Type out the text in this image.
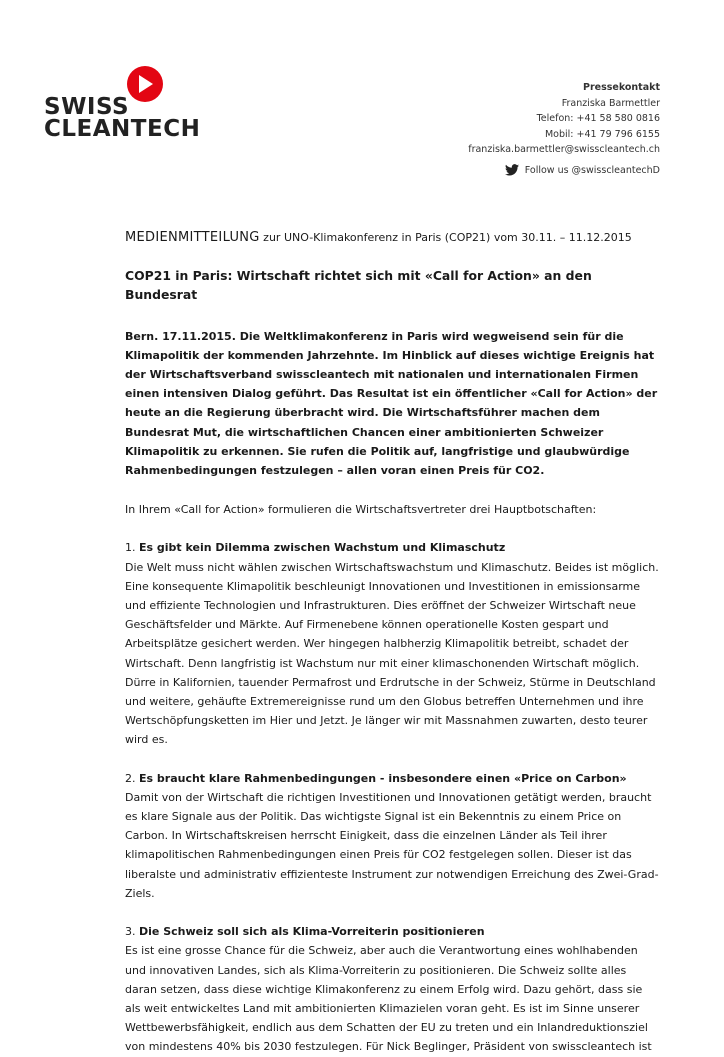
SWISS
CLEANTECH
Pressekontakt
Franziska Barmettler
Telefon: +41 58 580 0816
Mobil: +41 79 796 6155
franziska.barmettler@swisscleantech.ch
Follow us @swisscleantechD
MEDIENMITTEILUNG zur UNO-Klimakonferenz in Paris (COP21) vom 30.11. – 11.12.2015
COP21 in Paris: Wirtschaft richtet sich mit «Call for Action» an den Bundesrat

Bern. 17.11.2015. Die Weltklimakonferenz in Paris wird wegweisend sein für die Klimapolitik der kommenden Jahrzehnte. Im Hinblick auf dieses wichtige Ereignis hat der Wirtschaftsverband swisscleantech mit nationalen und internationalen Firmen einen intensiven Dialog geführt. Das Resultat ist ein öffentlicher «Call for Action» der heute an die Regierung überbracht wird. Die Wirtschaftsführer machen dem Bundesrat Mut, die wirtschaftlichen Chancen einer ambitionierten Schweizer Klimapolitik zu erkennen. Sie rufen die Politik auf, langfristige und glaubwürdige Rahmenbedingungen festzulegen – allen voran einen Preis für CO2.

In Ihrem «Call for Action» formulieren die Wirtschaftsvertreter drei Hauptbotschaften:

1. Es gibt kein Dilemma zwischen Wachstum und Klimaschutz

Die Welt muss nicht wählen zwischen Wirtschaftswachstum und Klimaschutz. Beides ist möglich. Eine konsequente Klimapolitik beschleunigt Innovationen und Investitionen in emissionsarme und effiziente Technologien und Infrastrukturen. Dies eröffnet der Schweizer Wirtschaft neue Geschäftsfelder und Märkte. Auf Firmenebene können operationelle Kosten gespart und Arbeitsplätze gesichert werden. Wer hingegen halbherzig Klimapolitik betreibt, schadet der Wirtschaft. Denn langfristig ist Wachstum nur mit einer klimaschonenden Wirtschaft möglich. Dürre in Kalifornien, tauender Permafrost und Erdrutsche in der Schweiz, Stürme in Deutschland und weitere, gehäufte Extremereignisse rund um den Globus betreffen Unternehmen und ihre Wertschöpfungsketten im Hier und Jetzt. Je länger wir mit Massnahmen zuwarten, desto teurer wird es.

2. Es braucht klare Rahmenbedingungen - insbesondere einen «Price on Carbon»

Damit von der Wirtschaft die richtigen Investitionen und Innovationen getätigt werden, braucht es klare Signale aus der Politik. Das wichtigste Signal ist ein Bekenntnis zu einem Price on Carbon. In Wirtschaftskreisen herrscht Einigkeit, dass die einzelnen Länder als Teil ihrer klimapolitischen Rahmenbedingungen einen Preis für CO2 festgelegen sollen. Dieser ist das liberalste und administrativ effizienteste Instrument zur notwendigen Erreichung des Zwei-Grad-Ziels.

3. Die Schweiz soll sich als Klima-Vorreiterin positionieren

Es ist eine grosse Chance für die Schweiz, aber auch die Verantwortung eines wohlhabenden und innovativen Landes, sich als Klima-Vorreiterin zu positionieren. Die Schweiz sollte alles daran setzen, dass diese wichtige Klimakonferenz zu einem Erfolg wird. Dazu gehört, dass sie als weit entwickeltes Land mit ambitionierten Klimazielen voran geht. Es ist im Sinne unserer Wettbewerbsfähigkeit, endlich aus dem Schatten der EU zu treten und ein Inlandreduktionsziel von mindestens 40% bis 2030 festzulegen. Für Nick Beglinger, Präsident von swisscleantech ist
